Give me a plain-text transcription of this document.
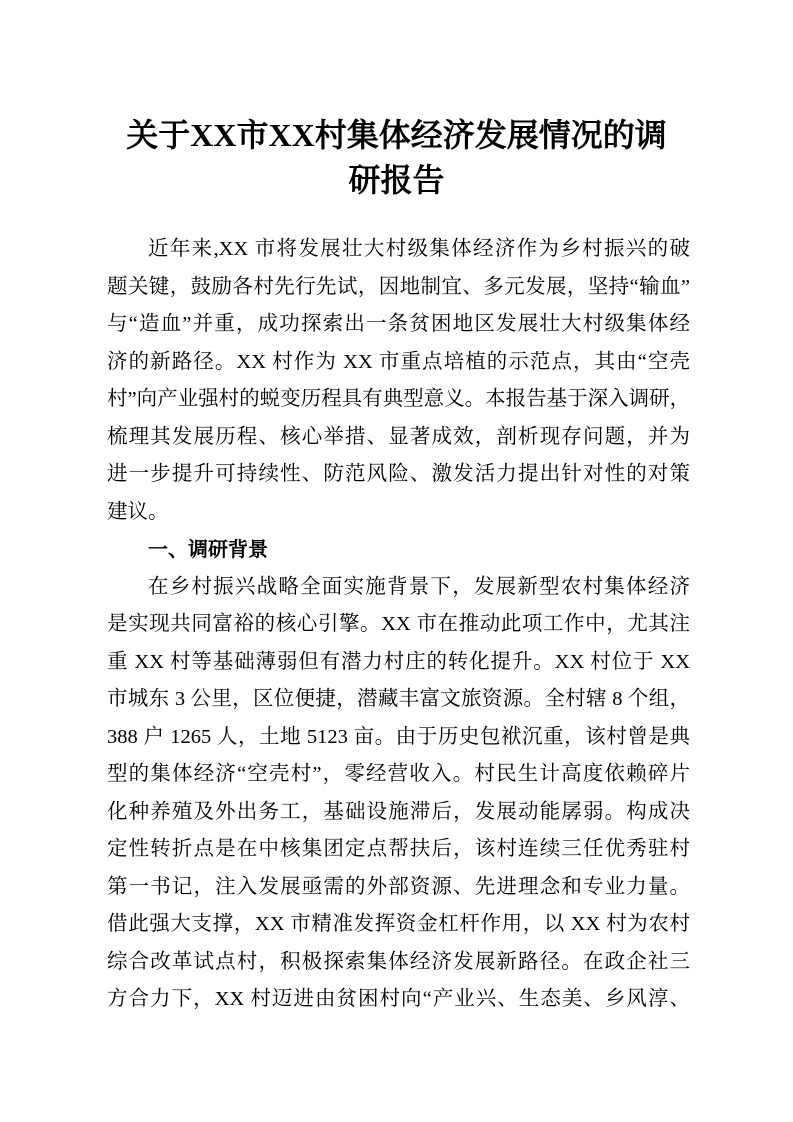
关于XX市XX村集体经济发展情况的调
研报告
近年来,XX 市将发展壮大村级集体经济作为乡村振兴的破
题关键，鼓励各村先行先试，因地制宜、多元发展，坚持“输血”
与“造血”并重，成功探索出一条贫困地区发展壮大村级集体经
济的新路径。XX 村作为 XX 市重点培植的示范点，其由“空壳
村”向产业强村的蜕变历程具有典型意义。本报告基于深入调研，
梳理其发展历程、核心举措、显著成效，剖析现存问题，并为
进一步提升可持续性、防范风险、激发活力提出针对性的对策
建议。
一、调研背景
在乡村振兴战略全面实施背景下，发展新型农村集体经济
是实现共同富裕的核心引擎。XX 市在推动此项工作中，尤其注
重 XX 村等基础薄弱但有潜力村庄的转化提升。XX 村位于 XX
市城东 3 公里，区位便捷，潜藏丰富文旅资源。全村辖 8 个组，
388 户 1265 人，土地 5123 亩。由于历史包袱沉重，该村曾是典
型的集体经济“空壳村”，零经营收入。村民生计高度依赖碎片
化种养殖及外出务工，基础设施滞后，发展动能孱弱。构成决
定性转折点是在中核集团定点帮扶后，该村连续三任优秀驻村
第一书记，注入发展亟需的外部资源、先进理念和专业力量。
借此强大支撑，XX 市精准发挥资金杠杆作用，以 XX 村为农村
综合改革试点村，积极探索集体经济发展新路径。在政企社三
方合力下，XX 村迈进由贫困村向“产业兴、生态美、乡风淳、
